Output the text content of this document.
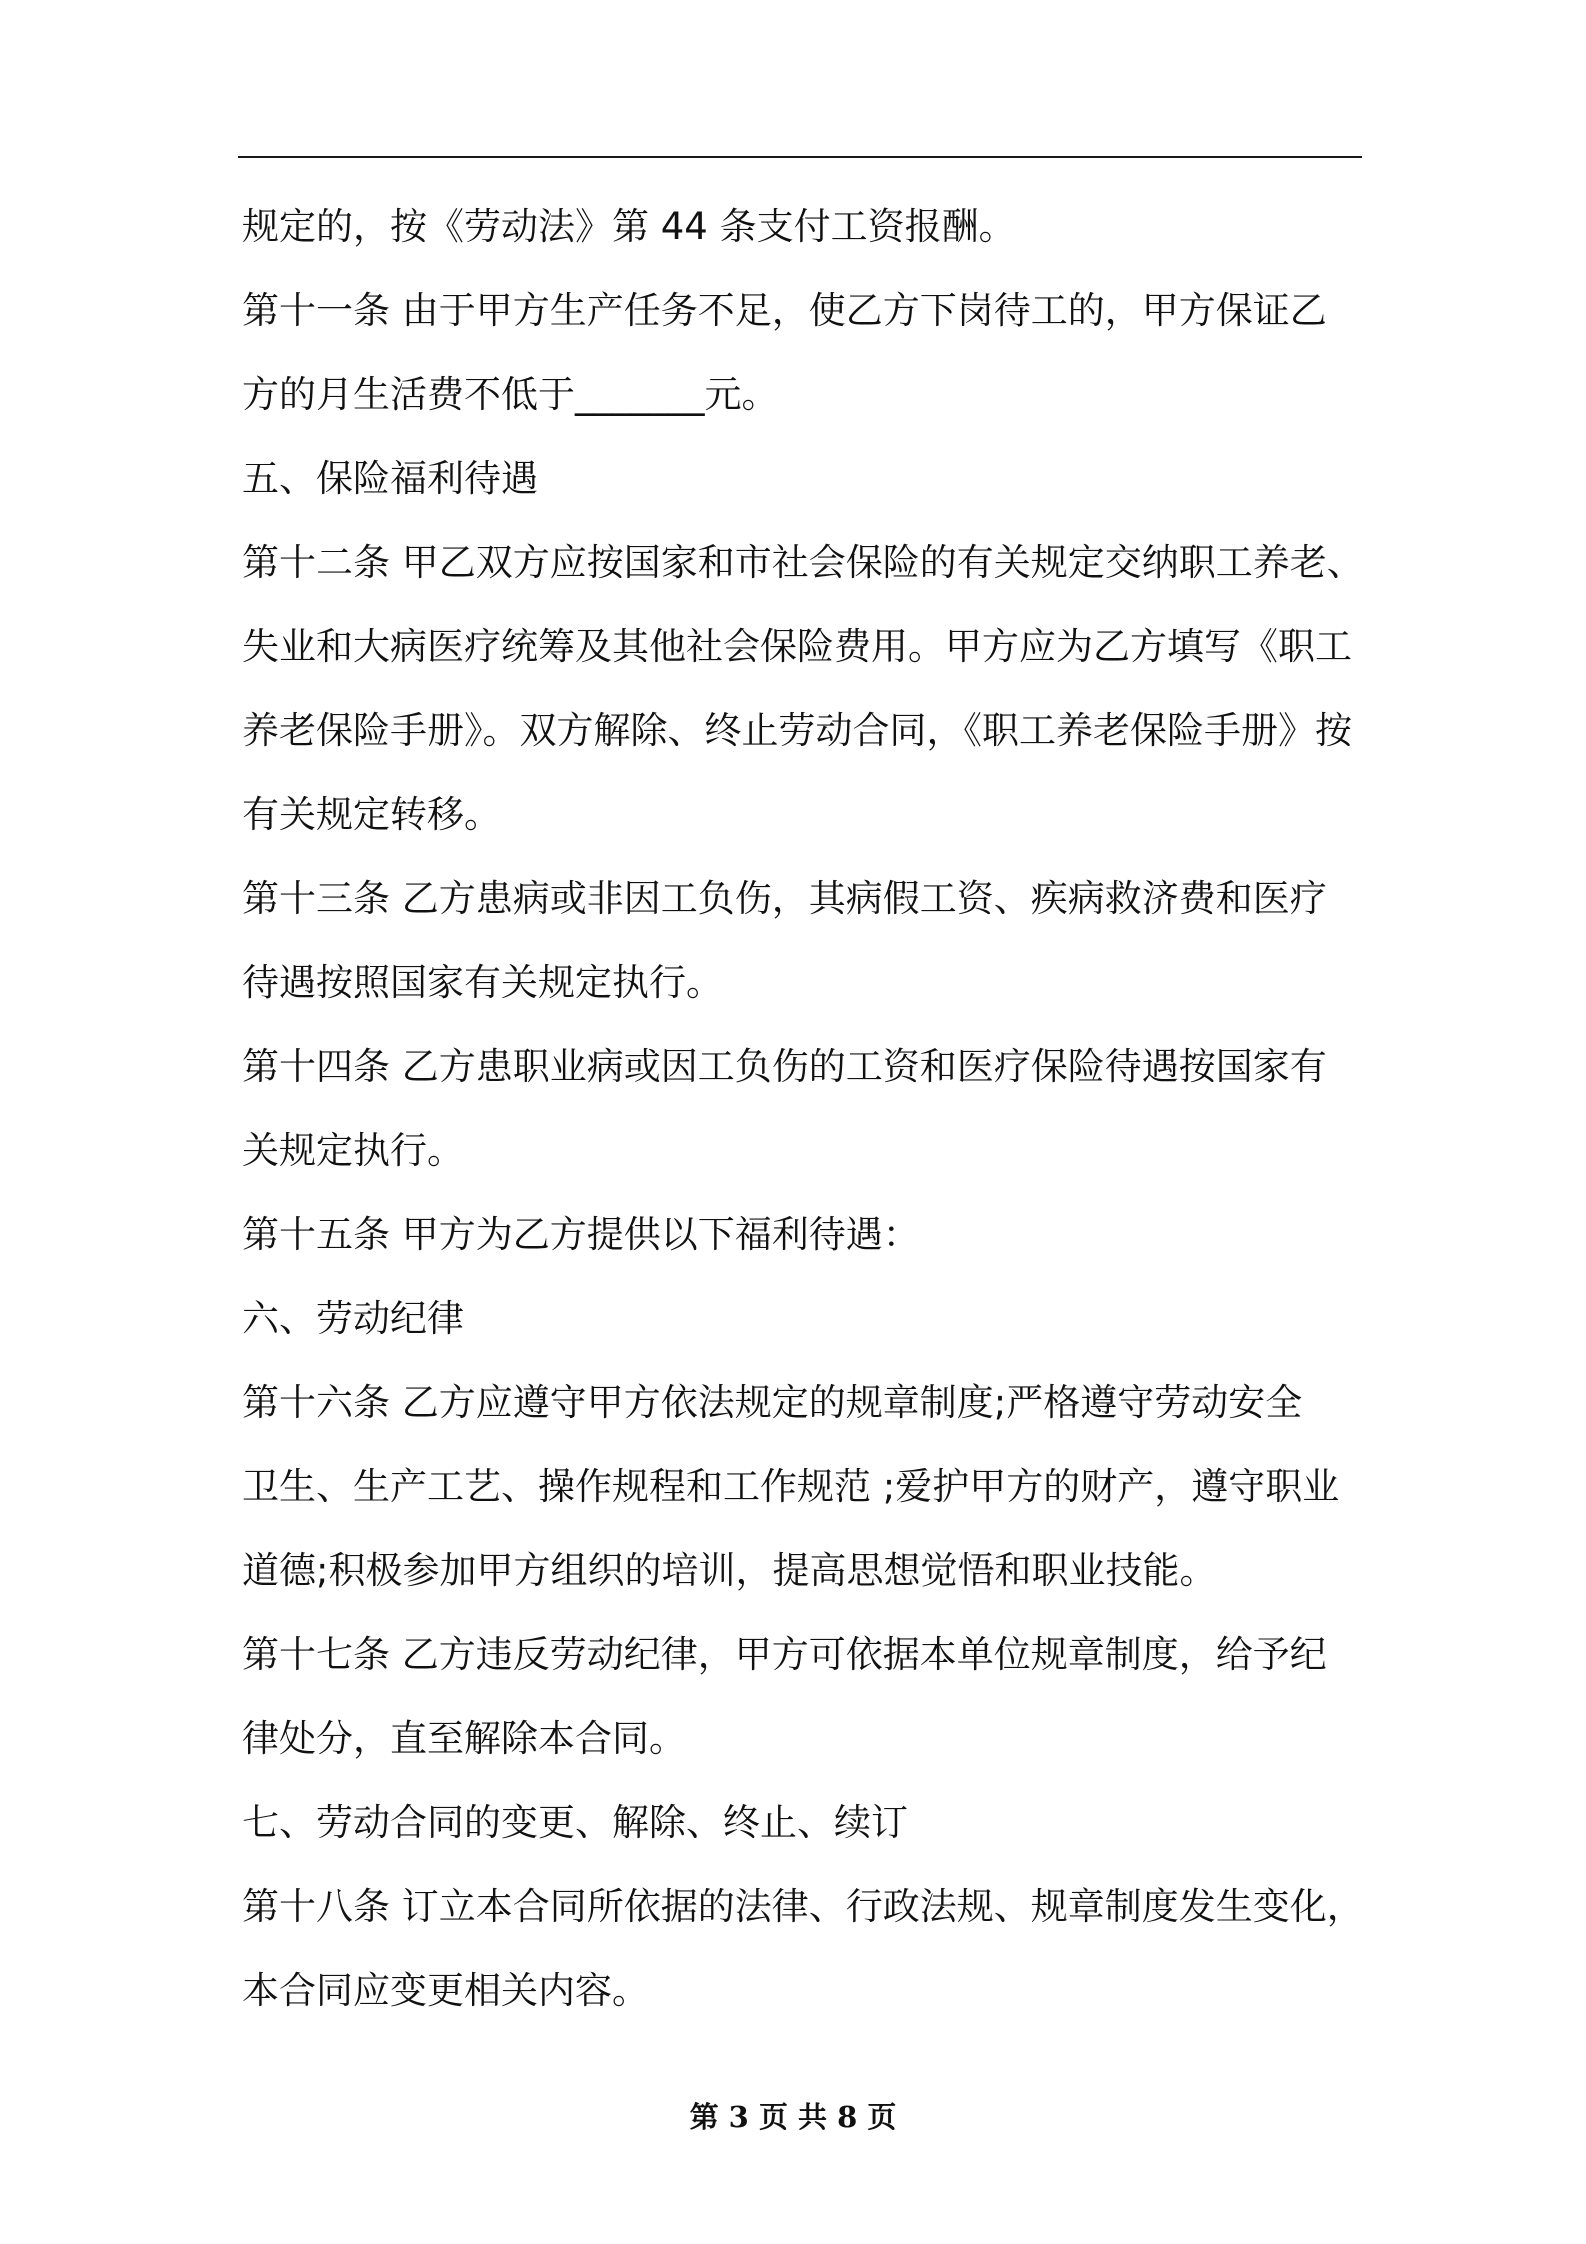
规定的，按《劳动法》第 44 条支付工资报酬。

第十一条 由于甲方生产任务不足，使乙方下岗待工的，甲方保证乙

方的月生活费不低于_______元。

五、保险福利待遇

第十二条 甲乙双方应按国家和市社会保险的有关规定交纳职工养老、

失业和大病医疗统筹及其他社会保险费用。甲方应为乙方填写《职工

养老保险手册》。双方解除、终止劳动合同，《职工养老保险手册》按

有关规定转移。

第十三条 乙方患病或非因工负伤，其病假工资、疾病救济费和医疗

待遇按照国家有关规定执行。

第十四条 乙方患职业病或因工负伤的工资和医疗保险待遇按国家有

关规定执行。

第十五条 甲方为乙方提供以下福利待遇：

六、劳动纪律

第十六条 乙方应遵守甲方依法规定的规章制度;严格遵守劳动安全

卫生、生产工艺、操作规程和工作规范 ;爱护甲方的财产，遵守职业

道德;积极参加甲方组织的培训，提高思想觉悟和职业技能。

第十七条 乙方违反劳动纪律，甲方可依据本单位规章制度，给予纪

律处分，直至解除本合同。

七、劳动合同的变更、解除、终止、续订

第十八条 订立本合同所依据的法律、行政法规、规章制度发生变化，

本合同应变更相关内容。

第 3 页 共 8 页
